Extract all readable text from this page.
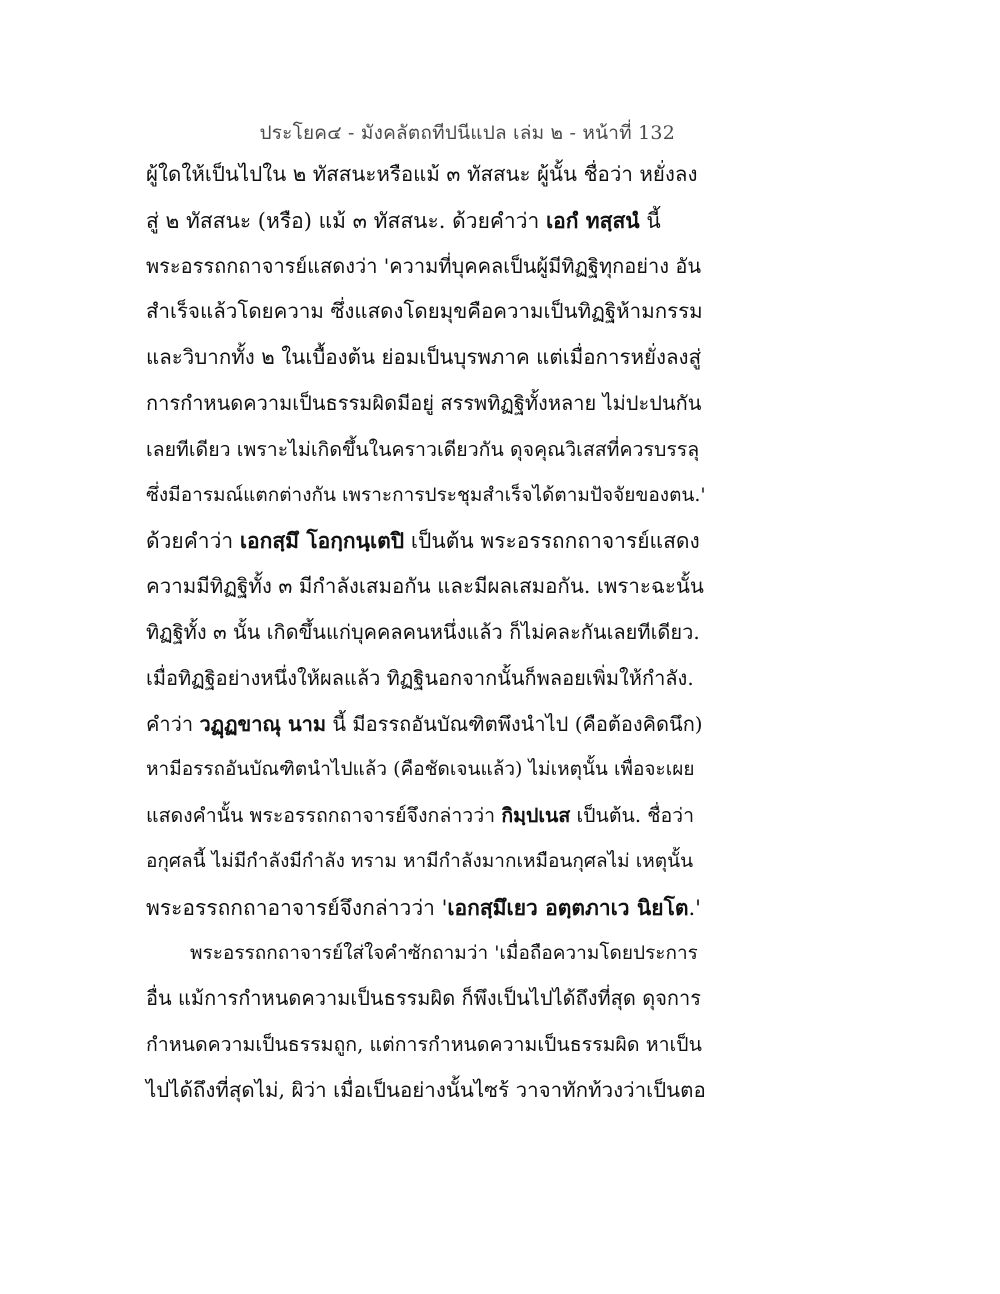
ประโยค๔ - มังคลัตถทีปนีแปล เล่ม ๒ - หน้าที่ 132
ผู้ใดให้เป็นไปใน ๒ ทัสสนะหรือแม้ ๓ ทัสสนะ ผู้นั้น ชื่อว่า หยั่งลง
สู่ ๒ ทัสสนะ (หรือ) แม้ ๓ ทัสสนะ. ด้วยคำว่า เอกํ ทสฺสนํ นี้
พระอรรถกถาจารย์แสดงว่า 'ความที่บุคคลเป็นผู้มีทิฏฐิทุกอย่าง อัน
สำเร็จแล้วโดยความ ซึ่งแสดงโดยมุขคือความเป็นทิฏฐิห้ามกรรม
และวิบากทั้ง ๒ ในเบื้องต้น ย่อมเป็นบุรพภาค แต่เมื่อการหยั่งลงสู่
การกำหนดความเป็นธรรมผิดมีอยู่ สรรพทิฏฐิทั้งหลาย ไม่ปะปนกัน
เลยทีเดียว เพราะไม่เกิดขึ้นในคราวเดียวกัน ดุจคุณวิเสสที่ควรบรรลุ
ซึ่งมีอารมณ์แตกต่างกัน เพราะการประชุมสำเร็จได้ตามปัจจัยของตน.'
ด้วยคำว่า เอกสฺมึ โอกฺกนฺเตปิ เป็นต้น พระอรรถกถาจารย์แสดง
ความมีทิฏฐิทั้ง ๓ มีกำลังเสมอกัน และมีผลเสมอกัน. เพราะฉะนั้น
ทิฏฐิทั้ง ๓ นั้น เกิดขึ้นแก่บุคคลคนหนึ่งแล้ว ก็ไม่คละกันเลยทีเดียว.
เมื่อทิฏฐิอย่างหนึ่งให้ผลแล้ว ทิฏฐินอกจากนั้นก็พลอยเพิ่มให้กำลัง.
คำว่า วฏฺฏขาณุ นาม นี้ มีอรรถอันบัณฑิตพึงนำไป (คือต้องคิดนึก)
หามีอรรถอันบัณฑิตนำไปแล้ว (คือชัดเจนแล้ว) ไม่เหตุนั้น เพื่อจะเผย
แสดงคำนั้น พระอรรถกถาจารย์จึงกล่าวว่า กิมฺปเนส เป็นต้น. ชื่อว่า
อกุศลนี้ ไม่มีกำลังมีกำลัง ทราม หามีกำลังมากเหมือนกุศลไม่ เหตุนั้น
พระอรรถกถาอาจารย์จึงกล่าวว่า 'เอกสฺมึเยว อตฺตภาเว นิยโต.'
พระอรรถกถาจารย์ใส่ใจคำซักถามว่า 'เมื่อถือความโดยประการ
อื่น แม้การกำหนดความเป็นธรรมผิด ก็พึงเป็นไปได้ถึงที่สุด ดุจการ
กำหนดความเป็นธรรมถูก, แต่การกำหนดความเป็นธรรมผิด หาเป็น
ไปได้ถึงที่สุดไม่, ผิว่า เมื่อเป็นอย่างนั้นไซร้ วาจาทักท้วงว่าเป็นตอ
